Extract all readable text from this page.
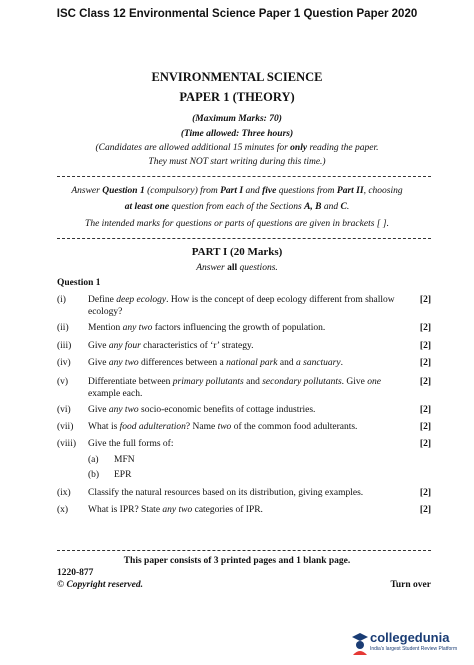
ISC Class 12 Environmental Science Paper 1 Question Paper 2020
ENVIRONMENTAL SCIENCE
PAPER 1 (THEORY)
(Maximum Marks: 70)
(Time allowed: Three hours)
(Candidates are allowed additional 15 minutes for only reading the paper.
They must NOT start writing during this time.)
Answer Question 1 (compulsory) from Part I and five questions from Part II, choosing
at least one question from each of the Sections A, B and C.
The intended marks for questions or parts of questions are given in brackets [ ].
PART I (20 Marks)
Answer all questions.
Question 1
(i) Define deep ecology. How is the concept of deep ecology different from shallow ecology?
[2]
(ii) Mention any two factors influencing the growth of population.	[2]
(iii) Give any four characteristics of ‘r’ strategy.	[2]
(iv) Give any two differences between a national park and a sanctuary.	[2]
(v) Differentiate between primary pollutants and secondary pollutants. Give one example each.
[2]
(vi) Give any two socio-economic benefits of cottage industries.	[2]
(vii) What is food adulteration? Name two of the common food adulterants.	[2]
(viii) Give the full forms of:	[2]
(a) MFN
(b) EPR
(ix) Classify the natural resources based on its distribution, giving examples.	[2]
(x) What is IPR? State any two categories of IPR.	[2]
This paper consists of 3 printed pages and 1 blank page.
1220-877
© Copyright reserved.	Turn over
collegedunia
India's largest Student Review Platform
